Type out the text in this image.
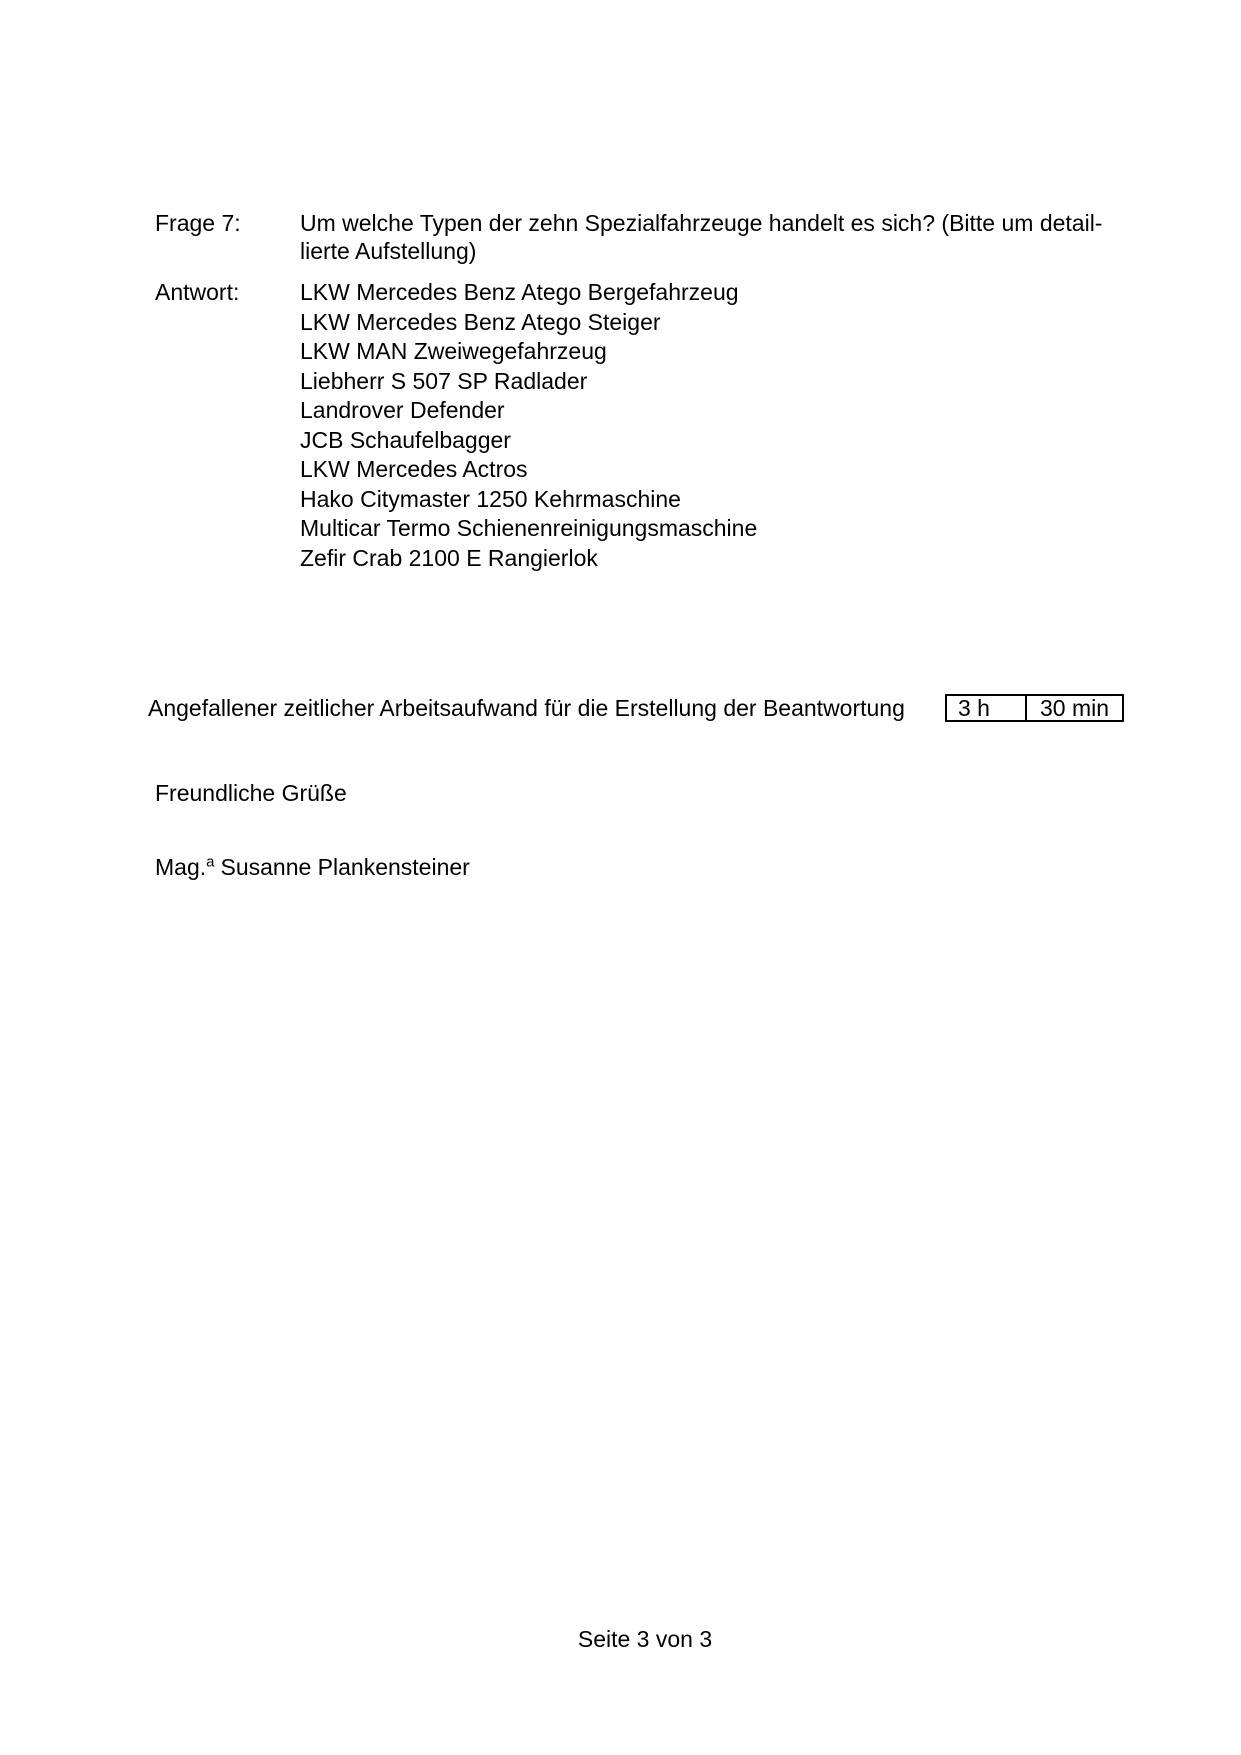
Frage 7:	Um welche Typen der zehn Spezialfahrzeuge handelt es sich? (Bitte um detail-
lierte Aufstellung)
Antwort:	LKW Mercedes Benz Atego Bergefahrzeug
LKW Mercedes Benz Atego Steiger
LKW MAN Zweiwegefahrzeug
Liebherr S 507 SP Radlader
Landrover Defender
JCB Schaufelbagger
LKW Mercedes Actros
Hako Citymaster 1250 Kehrmaschine
Multicar Termo Schienenreinigungsmaschine
Zefir Crab 2100 E Rangierlok
Angefallener zeitlicher Arbeitsaufwand für die Erstellung der Beantwortung	3 h	30 min
Freundliche Grüße
Mag.$^a$ Susanne Plankensteiner
Seite 3 von 3
